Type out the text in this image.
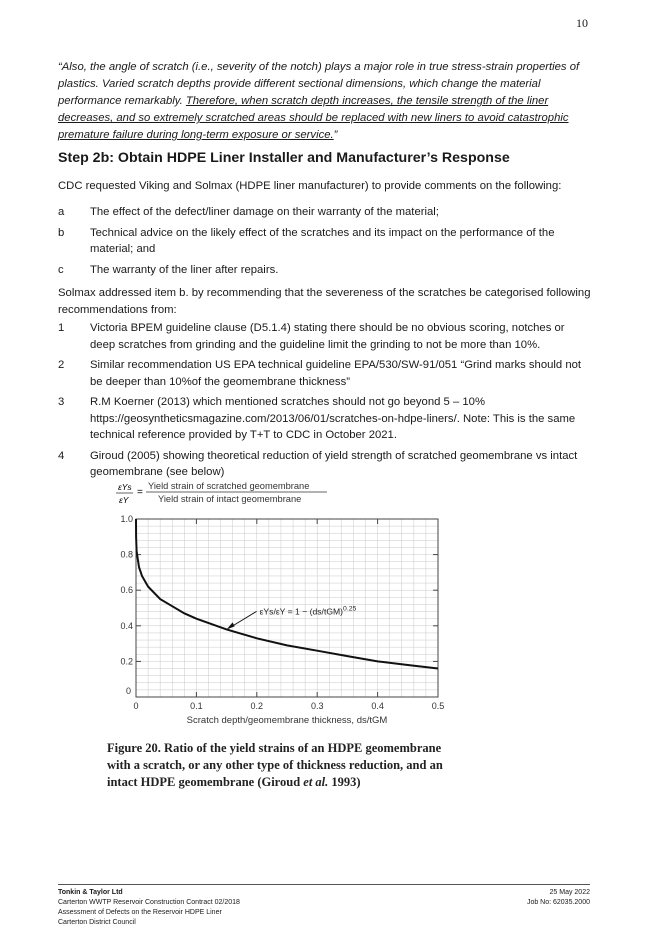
10

“Also, the angle of scratch (i.e., severity of the notch) plays a major role in true stress-strain properties of plastics. Varied scratch depths provide different sectional dimensions, which change the material performance remarkably. Therefore, when scratch depth increases, the tensile strength of the liner decreases, and so extremely scratched areas should be replaced with new liners to avoid catastrophic premature failure during long-term exposure or service.”

Step 2b: Obtain HDPE Liner Installer and Manufacturer’s Response

CDC requested Viking and Solmax (HDPE liner manufacturer) to provide comments on the following:

a	The effect of the defect/liner damage on their warranty of the material;
b	Technical advice on the likely effect of the scratches and its impact on the performance of the material; and
c	The warranty of the liner after repairs.

Solmax addressed item b. by recommending that the severeness of the scratches be categorised following recommendations from:

1	Victoria BPEM guideline clause (D5.1.4) stating there should be no obvious scoring, notches or deep scratches from grinding and the guideline limit the grinding to not be more than 10%.
2	Similar recommendation US EPA technical guideline EPA/530/SW-91/051 “Grind marks should not be deeper than 10%of the geomembrane thickness”
3	R.M Koerner (2013) which mentioned scratches should not go beyond 5 – 10% https://geosyntheticsmagazine.com/2013/06/01/scratches-on-hdpe-liners/. Note: This is the same technical reference provided by T+T to CDC in October 2021.
4	Giroud (2005) showing theoretical reduction of yield strength of scratched geomembrane vs intact geomembrane (see below)
εYs
εY
=
Yield strain of scratched geomembrane
Yield strain of intact geomembrane
0.2
0.4
0.6
0.8
1.0
0	0.1	0.2	0.3	0.4	0.5
0
$\varepsilon Ys/\varepsilon Y = 1 - (ds/tGM)^{0.25}$
Scratch depth/geomembrane thickness, ds/tGM

Figure 20. Ratio of the yield strains of an HDPE geomembrane with a scratch, or any other type of thickness reduction, and an intact HDPE geomembrane (Giroud et al. 1993)

Tonkin & Taylor Ltd
Carterton WWTP Reservoir Construction Contract 02/2018
Assessment of Defects on the Reservoir HDPE Liner
Carterton District Council
25 May 2022
Job No: 62035.2000
